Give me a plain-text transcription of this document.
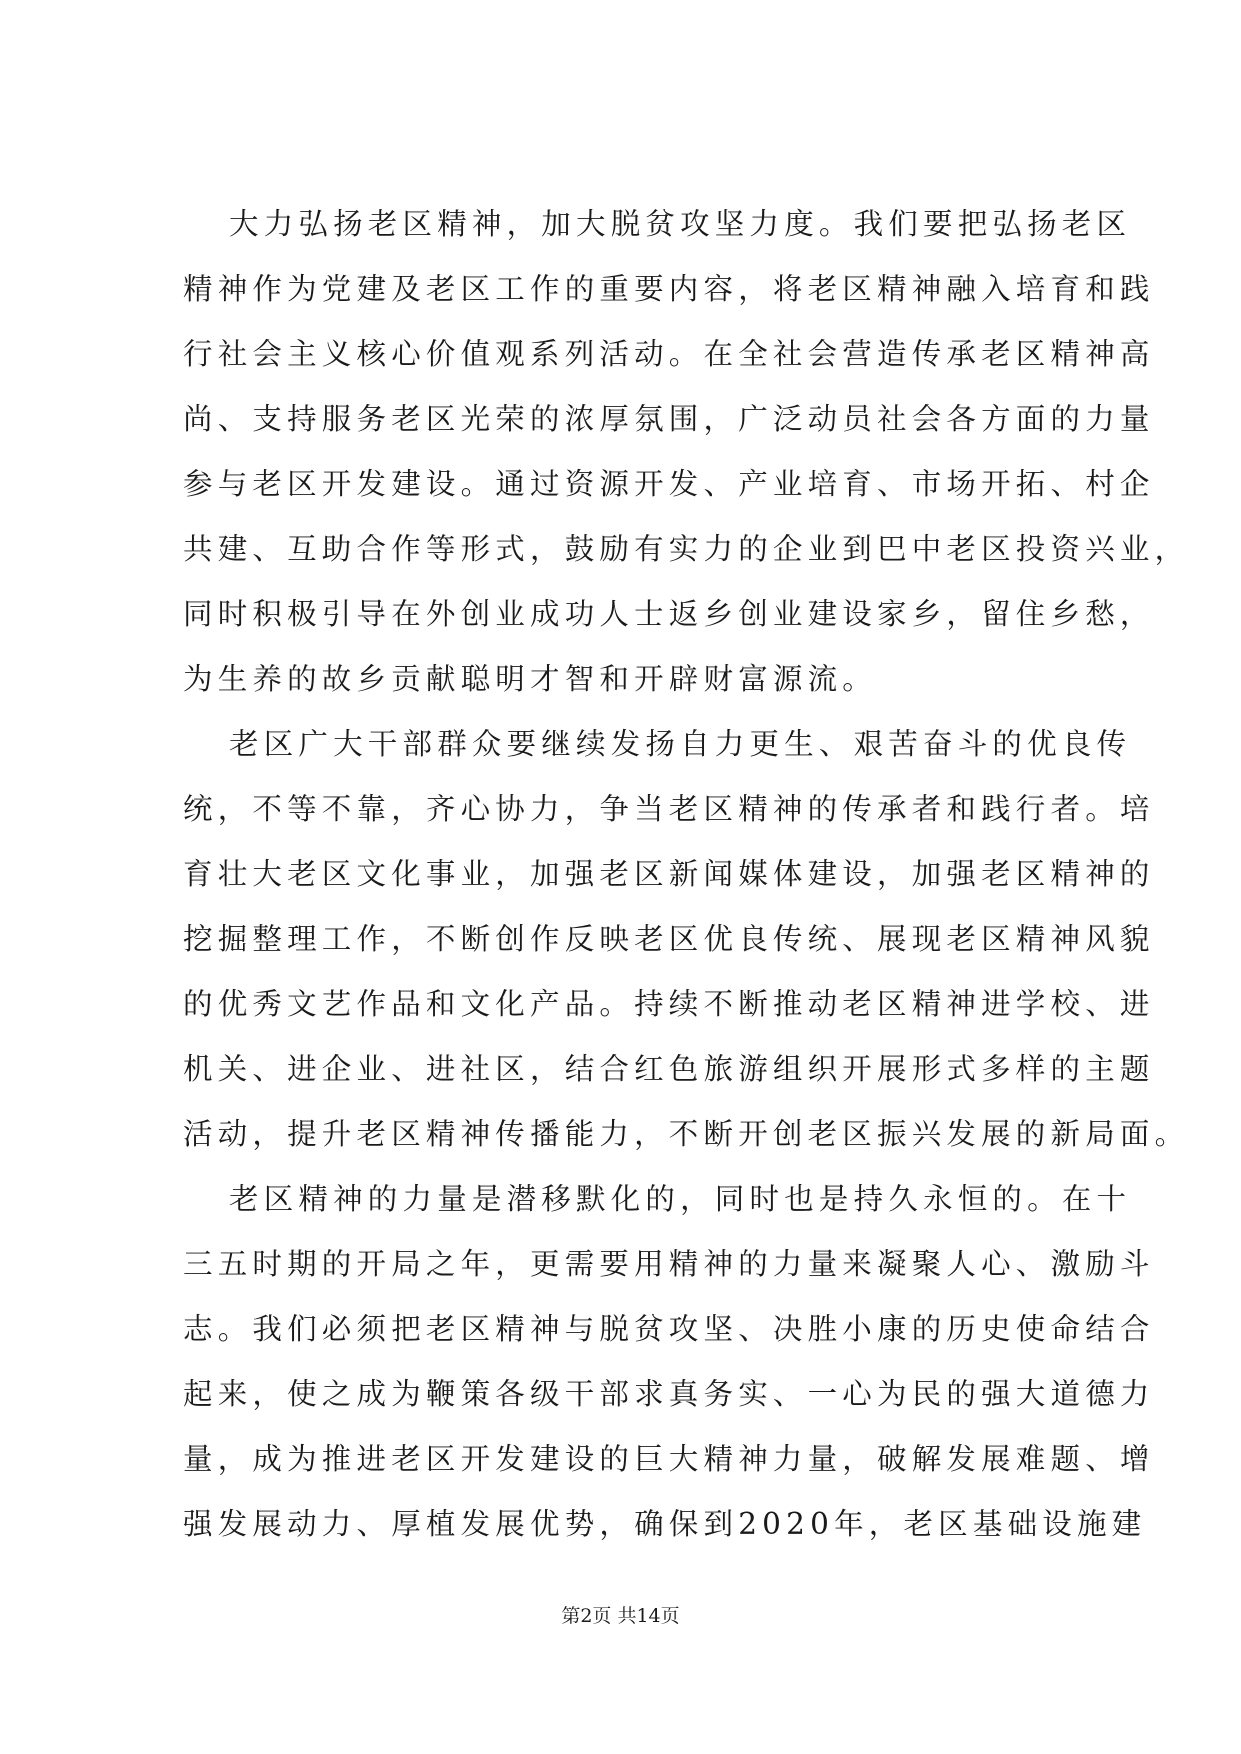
大力弘扬老区精神，加大脱贫攻坚力度。我们要把弘扬老区
精神作为党建及老区工作的重要内容，将老区精神融入培育和践
行社会主义核心价值观系列活动。在全社会营造传承老区精神高
尚、支持服务老区光荣的浓厚氛围，广泛动员社会各方面的力量
参与老区开发建设。通过资源开发、产业培育、市场开拓、村企
共建、互助合作等形式，鼓励有实力的企业到巴中老区投资兴业，
同时积极引导在外创业成功人士返乡创业建设家乡，留住乡愁，
为生养的故乡贡献聪明才智和开辟财富源流。
老区广大干部群众要继续发扬自力更生、艰苦奋斗的优良传
统，不等不靠，齐心协力，争当老区精神的传承者和践行者。培
育壮大老区文化事业，加强老区新闻媒体建设，加强老区精神的
挖掘整理工作，不断创作反映老区优良传统、展现老区精神风貌
的优秀文艺作品和文化产品。持续不断推动老区精神进学校、进
机关、进企业、进社区，结合红色旅游组织开展形式多样的主题
活动，提升老区精神传播能力，不断开创老区振兴发展的新局面。
老区精神的力量是潜移默化的，同时也是持久永恒的。在十
三五时期的开局之年，更需要用精神的力量来凝聚人心、激励斗
志。我们必须把老区精神与脱贫攻坚、决胜小康的历史使命结合
起来，使之成为鞭策各级干部求真务实、一心为民的强大道德力
量，成为推进老区开发建设的巨大精神力量，破解发展难题、增
强发展动力、厚植发展优势，确保到2020年，老区基础设施建
第2页 共14页
